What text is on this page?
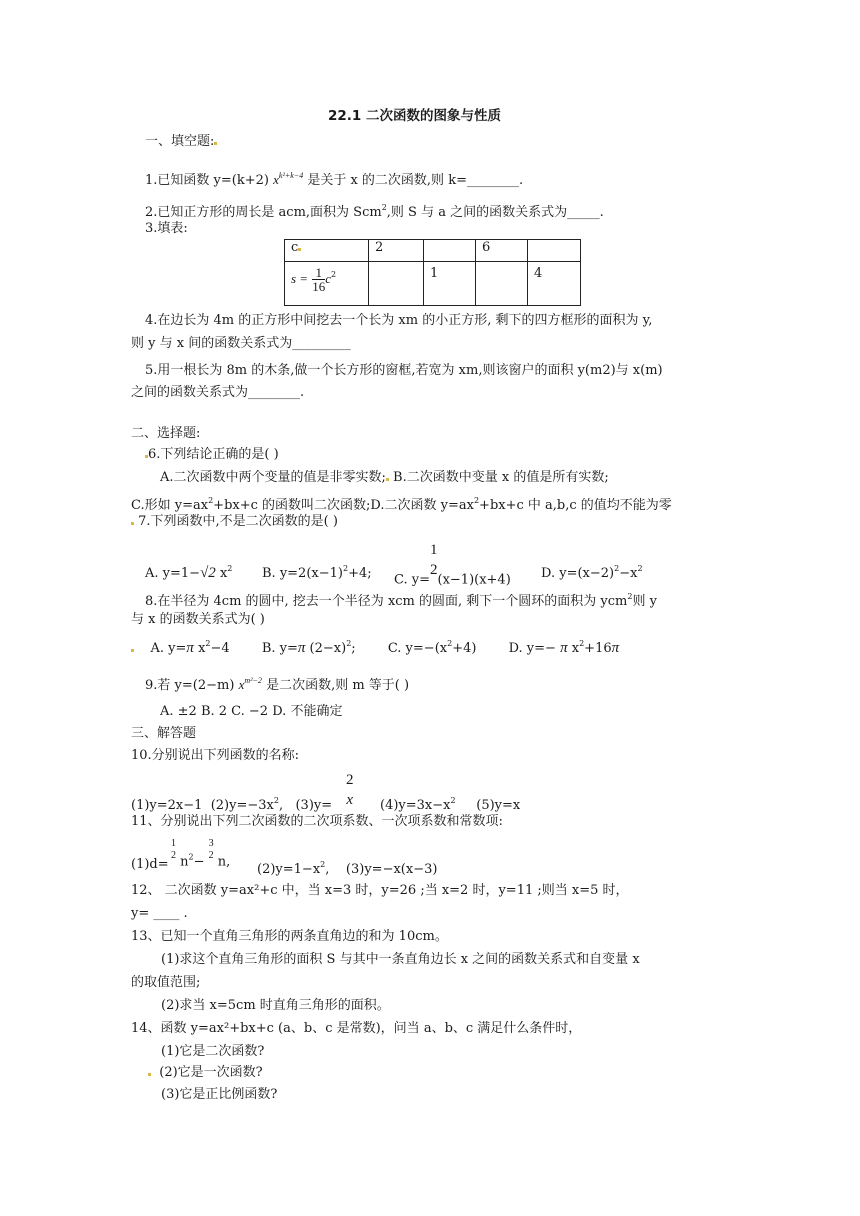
22.1 二次函数的图象与性质
一、填空题:
1.已知函数 y=(k+2) $x^{k^2+k-4}$ 是关于 x 的二次函数,则 k=________.
2.已知正方形的周长是 acm,面积为 Scm$^2$,则 S 与 a 之间的函数关系式为_____.
3.填表:
c	2		6	
$s = \frac{1}{16} c^2$		1		4
4.在边长为 4m 的正方形中间挖去一个长为 xm 的小正方形, 剩下的四方框形的面积为 y,
则 y 与 x 间的函数关系式为_________
5.用一根长为 8m 的木条,做一个长方形的窗框,若宽为 xm,则该窗户的面积 y(m2)与 x(m)
之间的函数关系式为________.
二、选择题:
6.下列结论正确的是( )
A.二次函数中两个变量的值是非零实数; B.二次函数中变量 x 的值是所有实数;
C.形如 $y=ax^2+bx+c$ 的函数叫二次函数;D.二次函数 $y=ax^2+bx+c$ 中 a,b,c 的值均不能为零
7.下列函数中,不是二次函数的是( )
A. y=1−√2 $x^2$ B. $y=2(x-1)^2+4$; C. y=
1
2
(x−1)(x+4) D. $y=(x-2)^2-x^2$
8.在半径为 4cm 的圆中, 挖去一个半径为 xcm 的圆面, 剩下一个圆环的面积为 ycm$^2$则 y
与 x 的函数关系式为( )
A. y=π $x^2-4$ B. y=π $(2-x)^2$; C. $y=-(x^2+4)$ D. y=− π $x^2+16\pi$
9.若 y=(2−m) $x^{m^2-2}$ 是二次函数,则 m 等于( )
A. ±2 B. 2 C. −2 D. 不能确定
三、解答题
10.分别说出下列函数的名称:
(1)y=2x−1 $(2)y=-3x^2$, (3)y=
2
x $(4)y=3x-x^2$ (5)y=x
11、分别说出下列二次函数的二次项系数、一次项系数和常数项:
(1)d=
1
2 $n_2-$
3
2 n, $(2)y=1-x^2$, (3)y=−x(x−3)
12、 二次函数 y=ax²+c 中，当 x=3 时，y=26 ;当 x=2 时，y=11 ;则当 x=5 时，
y= ____ .
13、已知一个直角三角形的两条直角边的和为 10cm。
(1)求这个直角三角形的面积 S 与其中一条直角边长 x 之间的函数关系式和自变量 x
的取值范围;
(2)求当 x=5cm 时直角三角形的面积。
14、函数 y=ax²+bx+c (a、b、c 是常数)，问当 a、b、c 满足什么条件时，
(1)它是二次函数?
(2)它是一次函数?
(3)它是正比例函数?
